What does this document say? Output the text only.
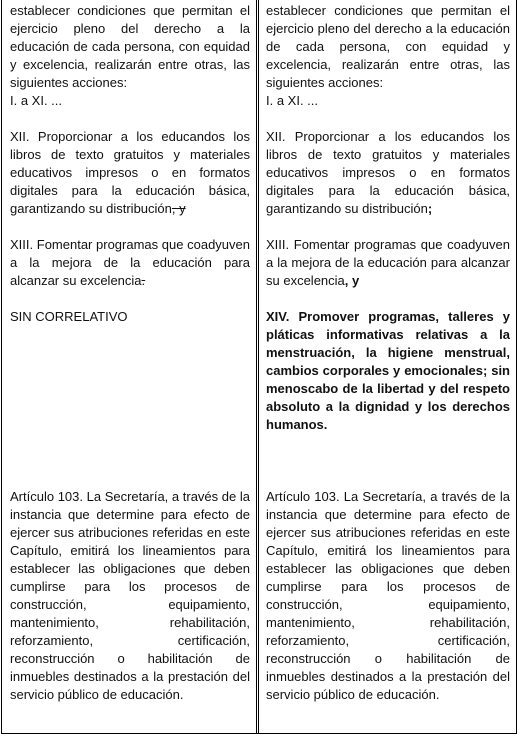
establecer condiciones que permitan el ejercicio pleno del derecho a la educación de cada persona, con equidad y excelencia, realizarán entre otras, las siguientes acciones:

I. a XI. ...

XII. Proporcionar a los educandos los libros de texto gratuitos y materiales educativos impresos o en formatos digitales para la educación básica, garantizando su distribución, y

XIII. Fomentar programas que coadyuven a la mejora de la educación para alcanzar su excelencia.

SIN CORRELATIVO

Artículo 103. La Secretaría, a través de la instancia que determine para efecto de ejercer sus atribuciones referidas en este Capítulo, emitirá los lineamientos para establecer las obligaciones que deben cumplirse para los procesos de construcción, equipamiento, mantenimiento, rehabilitación, reforzamiento, certificación, reconstrucción o habilitación de inmuebles destinados a la prestación del servicio público de educación.

establecer condiciones que permitan el ejercicio pleno del derecho a la educación de cada persona, con equidad y excelencia, realizarán entre otras, las siguientes acciones:

I. a XI. ...

XII. Proporcionar a los educandos los libros de texto gratuitos y materiales educativos impresos o en formatos digitales para la educación básica, garantizando su distribución;

XIII. Fomentar programas que coadyuven a la mejora de la educación para alcanzar su excelencia, y

XIV. Promover programas, talleres y pláticas informativas relativas a la menstruación, la higiene menstrual, cambios corporales y emocionales; sin menoscabo de la libertad y del respeto absoluto a la dignidad y los derechos humanos.

Artículo 103. La Secretaría, a través de la instancia que determine para efecto de ejercer sus atribuciones referidas en este Capítulo, emitirá los lineamientos para establecer las obligaciones que deben cumplirse para los procesos de construcción, equipamiento, mantenimiento, rehabilitación, reforzamiento, certificación, reconstrucción o habilitación de inmuebles destinados a la prestación del servicio público de educación.
